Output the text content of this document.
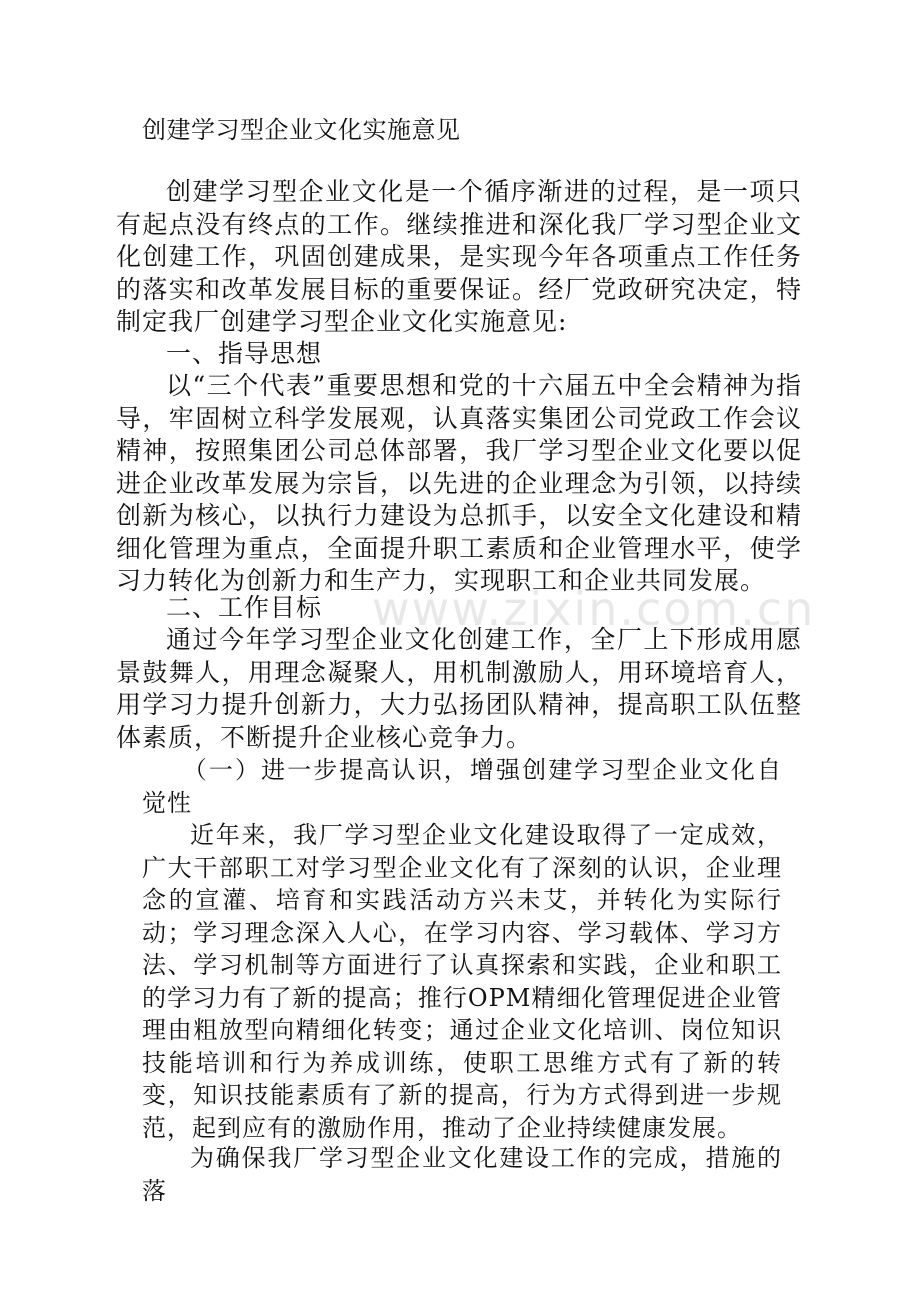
创建学习型企业文化实施意见

创建学习型企业文化是一个循序渐进的过程，是一项只有起点没有终点的工作。继续推进和深化我厂学习型企业文化创建工作，巩固创建成果，是实现今年各项重点工作任务的落实和改革发展目标的重要保证。经厂党政研究决定，特制定我厂创建学习型企业文化实施意见:

一、指导思想

以“三个代表”重要思想和党的十六届五中全会精神为指导，牢固树立科学发展观，认真落实集团公司党政工作会议精神，按照集团公司总体部署，我厂学习型企业文化要以促进企业改革发展为宗旨，以先进的企业理念为引领，以持续创新为核心，以执行力建设为总抓手，以安全文化建设和精细化管理为重点，全面提升职工素质和企业管理水平，使学习力转化为创新力和生产力，实现职工和企业共同发展。

二、工作目标

通过今年学习型企业文化创建工作，全厂上下形成用愿景鼓舞人，用理念凝聚人，用机制激励人，用环境培育人，用学习力提升创新力，大力弘扬团队精神，提高职工队伍整体素质，不断提升企业核心竞争力。

（一）进一步提高认识，增强创建学习型企业文化自觉性

近年来，我厂学习型企业文化建设取得了一定成效，广大干部职工对学习型企业文化有了深刻的认识，企业理念的宣灌、培育和实践活动方兴未艾，并转化为实际行动；学习理念深入人心，在学习内容、学习载体、学习方法、学习机制等方面进行了认真探索和实践，企业和职工的学习力有了新的提高；推行OPM精细化管理促进企业管理由粗放型向精细化转变；通过企业文化培训、岗位知识技能培训和行为养成训练，使职工思维方式有了新的转变，知识技能素质有了新的提高，行为方式得到进一步规范，起到应有的激励作用，推动了企业持续健康发展。

为确保我厂学习型企业文化建设工作的完成，措施的落

www.zixin.com.cn
